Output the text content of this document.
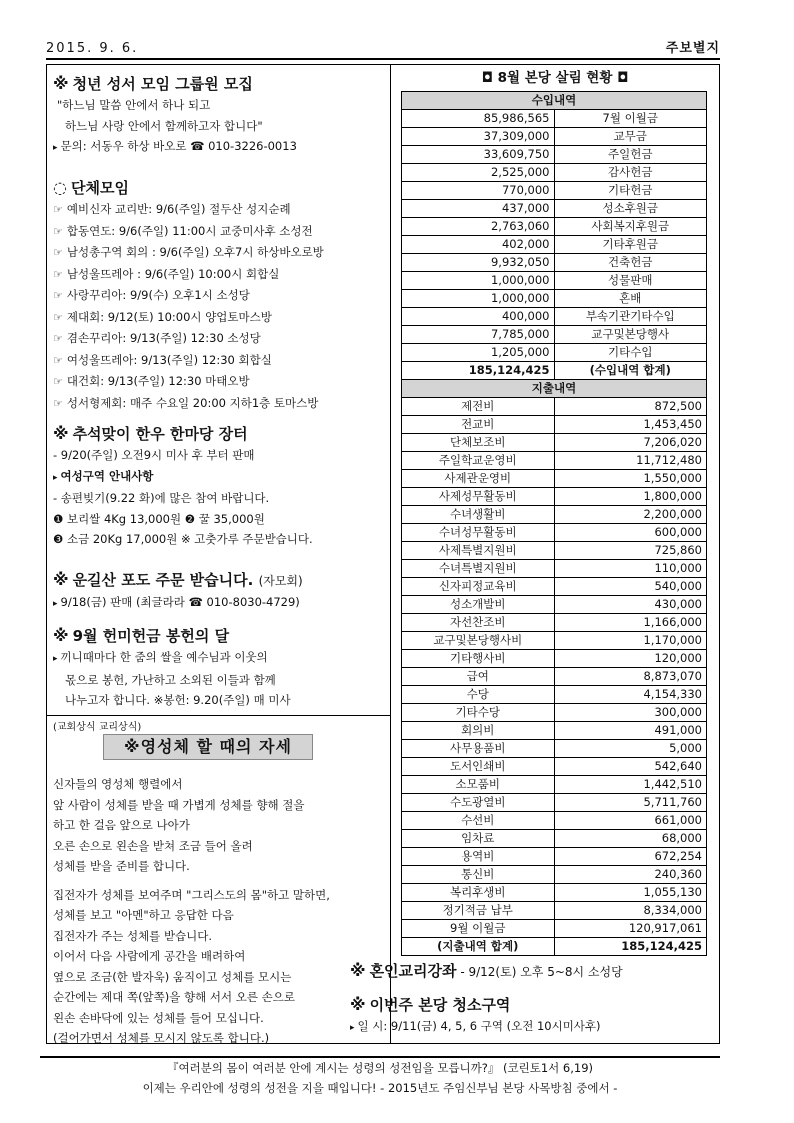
2015. 9. 6.	주보별지
※ 청년 성서 모임 그룹원 모집
"하느님 말씀 안에서 하나 되고
하느님 사랑 안에서 함께하고자 합니다"
▸ 문의: 서동우 하상 바오로 ☎ 010-3226-0013
◌ 단체모임
☞ 예비신자 교리반: 9/6(주일) 절두산 성지순례
☞ 합동연도: 9/6(주일) 11:00시 교중미사후 소성전
☞ 남성총구역 회의 : 9/6(주일) 오후7시 하상바오로방
☞ 남성울뜨레아 : 9/6(주일) 10:00시 회합실
☞ 사랑꾸리아: 9/9(수) 오후1시 소성당
☞ 제대회: 9/12(토) 10:00시 양업토마스방
☞ 겸손꾸리아: 9/13(주일) 12:30 소성당
☞ 여성울뜨레아: 9/13(주일) 12:30 회합실
☞ 대건회: 9/13(주일) 12:30 마태오방
☞ 성서형제회: 매주 수요일 20:00 지하1층 토마스방
※ 추석맞이 한우 한마당 장터
- 9/20(주일) 오전9시 미사 후 부터 판매
▸ 여성구역 안내사항
- 송편빚기(9.22 화)에 많은 참여 바랍니다.
❶ 보리쌀 4Kg 13,000원 ❷ 꿀 35,000원
❸ 소금 20Kg 17,000원 ※ 고춧가루 주문받습니다.
※ 운길산 포도 주문 받습니다. (자모회)
▸ 9/18(금) 판매 (최글라라 ☎ 010-8030-4729)
※ 9월 헌미헌금 봉헌의 달
▸ 끼니때마다 한 줌의 쌀을 예수님과 이웃의
몫으로 봉헌, 가난하고 소외된 이들과 함께
나누고자 합니다. ※봉헌: 9.20(주일) 매 미사
(교회상식 교리상식)
※영성체 할 때의 자세
신자들의 영성체 행렬에서
앞 사람이 성체를 받을 때 가볍게 성체를 향해 절을
하고 한 걸음 앞으로 나아가
오른 손으로 왼손을 받쳐 조금 들어 올려
성체를 받을 준비를 합니다.
집전자가 성체를 보여주며 "그리스도의 몸"하고 말하면,
성체를 보고 "아멘"하고 응답한 다음
집전자가 주는 성체를 받습니다.
이어서 다음 사람에게 공간을 배려하여
옆으로 조금(한 발자욱) 움직이고 성체를 모시는
순간에는 제대 쪽(앞쪽)을 향해 서서 오른 손으로
왼손 손바닥에 있는 성체를 들어 모십니다.
(걸어가면서 성체를 모시지 않도록 합니다.)
◘ 8월 본당 살림 현황 ◘
수입내역	
85,986,565	7월 이월금
37,309,000	교무금
33,609,750	주일헌금
2,525,000	감사헌금
770,000	기타헌금
437,000	성소후원금
2,763,060	사회복지후원금
402,000	기타후원금
9,932,050	건축헌금
1,000,000	성물판매
1,000,000	혼배
400,000	부속기관기타수입
7,785,000	교구및본당행사
1,205,000	기타수입
185,124,425	(수입내역 합계)
지출내역	
제전비	872,500
전교비	1,453,450
단체보조비	7,206,020
주일학교운영비	11,712,480
사제관운영비	1,550,000
사제성무활동비	1,800,000
수녀생활비	2,200,000
수녀성무활동비	600,000
사제특별지원비	725,860
수녀특별지원비	110,000
신자피정교육비	540,000
성소개발비	430,000
자선찬조비	1,166,000
교구및본당행사비	1,170,000
기타행사비	120,000
급여	8,873,070
수당	4,154,330
기타수당	300,000
회의비	491,000
사무용품비	5,000
도서인쇄비	542,640
소모품비	1,442,510
수도광열비	5,711,760
수선비	661,000
임차료	68,000
용역비	672,254
통신비	240,360
복리후생비	1,055,130
정기적금 납부	8,334,000
9월 이월금	120,917,061
(지출내역 합계)	185,124,425
※ 혼인교리강좌 - 9/12(토) 오후 5~8시 소성당
※ 이번주 본당 청소구역
▸ 일 시: 9/11(금) 4, 5, 6 구역 (오전 10시미사후)
『여러분의 몸이 여러분 안에 계시는 성령의 성전임을 모릅니까?』 (코린토1서 6,19)
이제는 우리안에 성령의 성전을 지을 때입니다! - 2015년도 주임신부님 본당 사목방침 중에서 -
